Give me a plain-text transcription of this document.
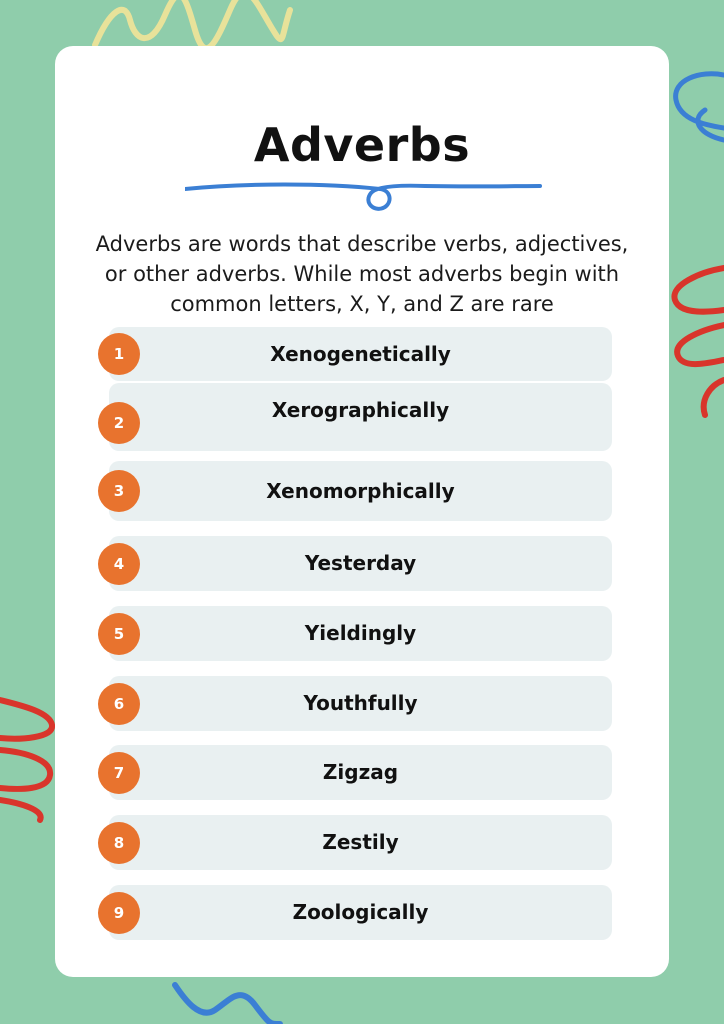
Adverbs
Adverbs are words that describe verbs, adjectives, or other adverbs. While most adverbs begin with common letters, X, Y, and Z are rare
1	Xenogenetically
2
Xerographically
3	Xenomorphically
4	Yesterday
5	Yieldingly
6	Youthfully
7	Zigzag
8	Zestily
9	Zoologically
